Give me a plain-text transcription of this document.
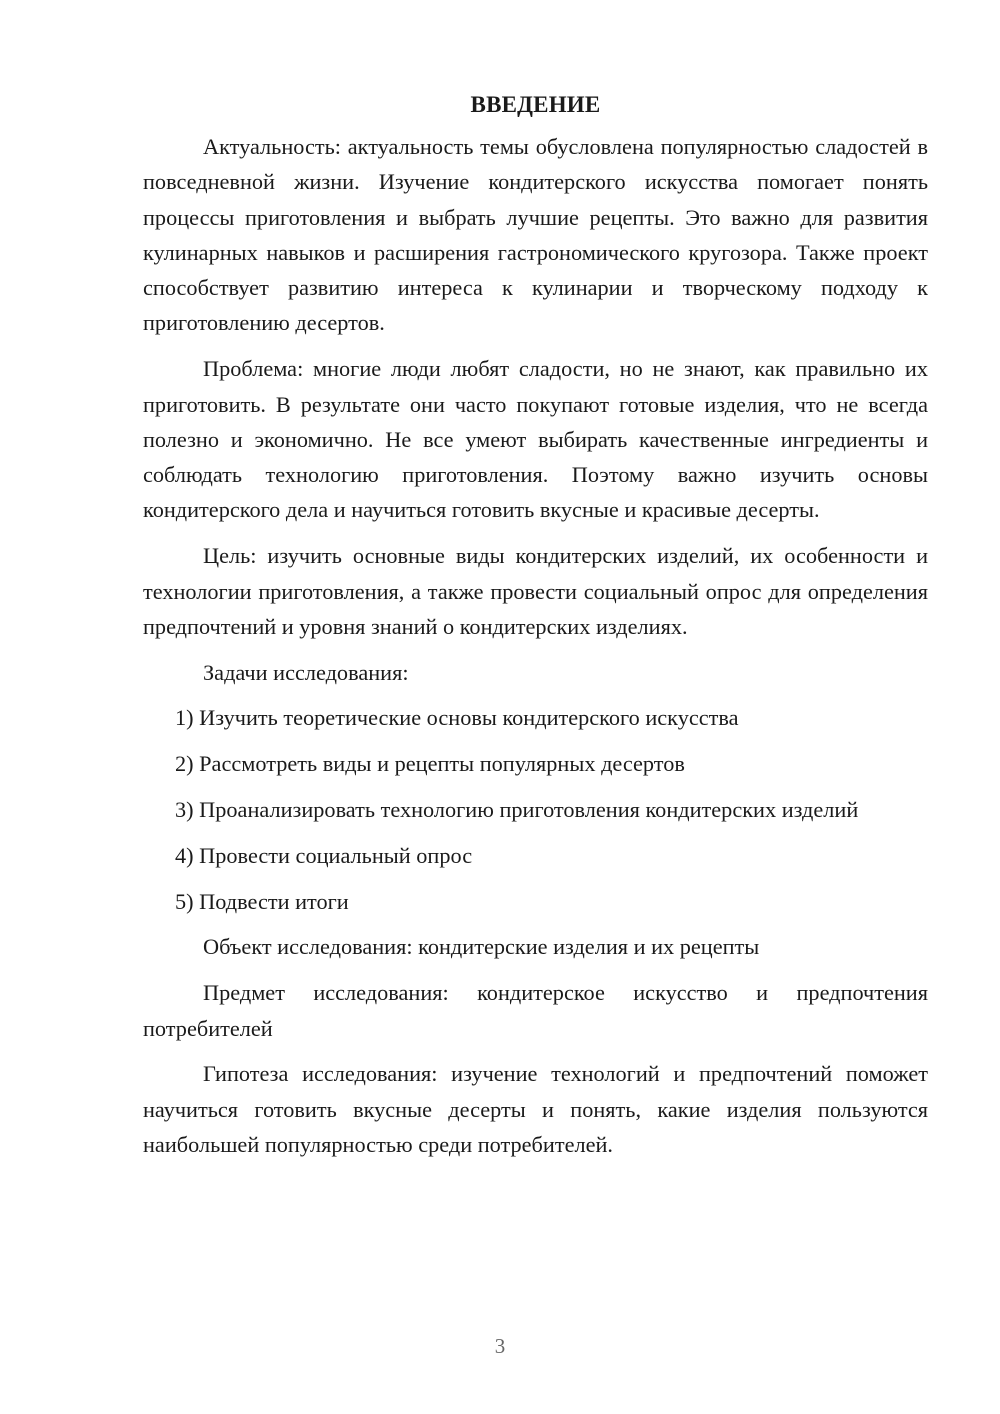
ВВЕДЕНИЕ

Актуальность: актуальность темы обусловлена популярностью сладостей в повседневной жизни. Изучение кондитерского искусства помогает понять процессы приготовления и выбрать лучшие рецепты. Это важно для развития кулинарных навыков и расширения гастрономического кругозора. Также проект способствует развитию интереса к кулинарии и творческому подходу к приготовлению десертов.

Проблема: многие люди любят сладости, но не знают, как правильно их приготовить. В результате они часто покупают готовые изделия, что не всегда полезно и экономично. Не все умеют выбирать качественные ингредиенты и соблюдать технологию приготовления. Поэтому важно изучить основы кондитерского дела и научиться готовить вкусные и красивые десерты.

Цель: изучить основные виды кондитерских изделий, их особенности и технологии приготовления, а также провести социальный опрос для определения предпочтений и уровня знаний о кондитерских изделиях.

Задачи исследования:

1) Изучить теоретические основы кондитерского искусства

2) Рассмотреть виды и рецепты популярных десертов

3) Проанализировать технологию приготовления кондитерских изделий

4) Провести социальный опрос

5) Подвести итоги

Объект исследования: кондитерские изделия и их рецепты

Предмет исследования: кондитерское искусство и предпочтения потребителей

Гипотеза исследования: изучение технологий и предпочтений поможет научиться готовить вкусные десерты и понять, какие изделия пользуются наибольшей популярностью среди потребителей.

3
